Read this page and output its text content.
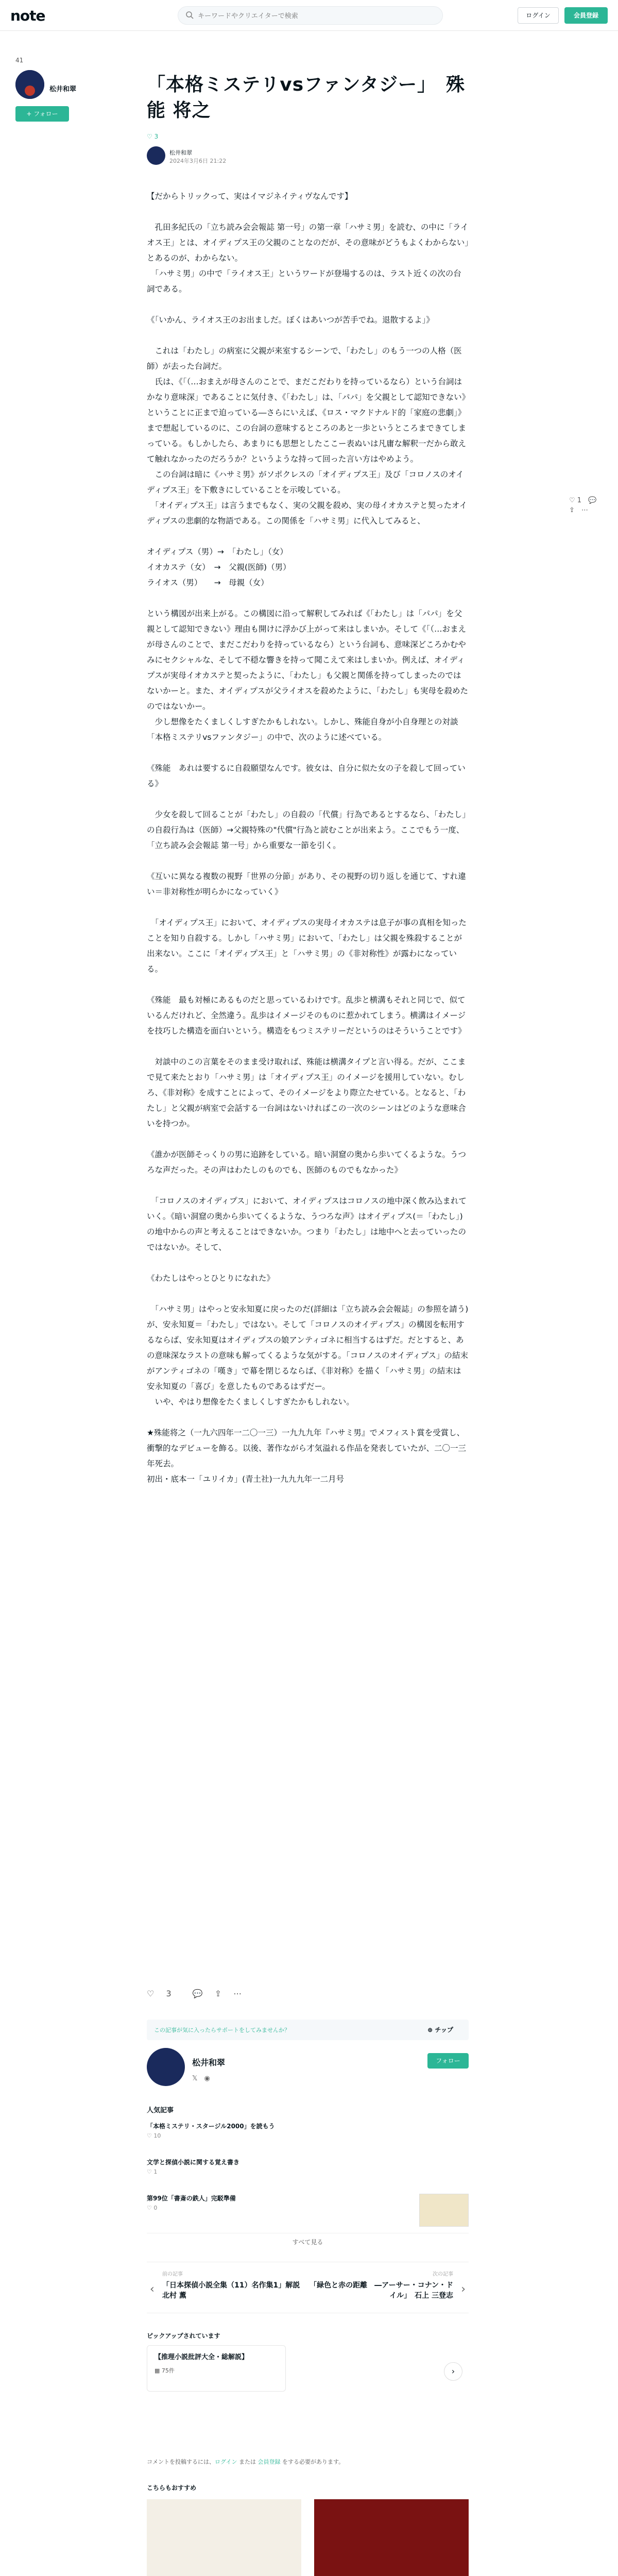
note
キーワードやクリエイターで検索	ログイン	会員登録
41
松井和翠
+ フォロー
「本格ミステリvsファンタジー」　殊能 将之
♡ 3
松井和翠
2024年3月6日 21:22
【だからトリックって、実はイマジネイティヴなんです】
　孔田多紀氏の「立ち読み会会報誌 第一号」の第一章「ハサミ男」を読む、の中に「ライオス王」とは、オイディプス王の父親のことなのだが、その意味がどうもよくわからない」とあるのが、わからない。
　「ハサミ男」の中で「ライオス王」というワードが登場するのは、ラスト近くの次の台詞である。
《「いかん、ライオス王のお出ましだ。ぼくはあいつが苦手でね。退散するよ」》
　これは「わたし」の病室に父親が来室するシーンで、「わたし」のもう一つの人格（医師）が去った台詞だ。
　氏は、《「（…おまえが母さんのことで、まだこだわりを持っているなら）という台詞はかなり意味深」であることに気付き、《「わたし」は、「パパ」を父親として認知できない》ということに正まで迫っている―さらにいえば、《ロス・マクドナルド的「家庭の悲劇」》まで想起しているのに、この台詞の意味するところのあと一歩というところまできてしまっている。もしかしたら、あまりにも思想としたここー表ぬいは凡庸な解釈一だから敢えて触れなかったのだろうか？というような持って回った言い方はやめよう。
　この台詞は暗に《ハサミ男》がソポクレスの「オイディプス王」及び「コロノスのオイディプス王」を下敷きにしていることを示唆している。
　「オイディプス王」は言うまでもなく、実の父親を殺め、実の母イオカステと契ったオイディプスの悲劇的な物語である。この関係を「ハサミ男」に代入してみると、
オイディプス（男）→　「わたし」（女）
イオカステ（女）　→　父親(医師)（男）
ライオス（男）　　→　母親（女）
という構図が出来上がる。この構図に沿って解釈してみれば《「わたし」は「パパ」を父親として認知できない》理由も開けに浮かび上がって来はしまいか。そして《「（…おまえが母さんのことで、まだこだわりを持っているなら）という台詞も、意味深どころかむやみにセクシャルな、そして不穏な響きを持って聞こえて来はしまいか。例えば、オイディプスが実母イオカステと契ったように、「わたし」も父親と関係を持ってしまったのではないかーと。また、オイディプスが父ライオスを殺めたように、「わたし」も実母を殺めたのではないかー。
　少し想像をたくましくしすぎたかもしれない。しかし、殊能自身が小自身理との対談「本格ミステリvsファンタジー」の中で、次のように述べている。
《殊能　あれは要するに自殺願望なんです。彼女は、自分に似た女の子を殺して回っている》
　少女を殺して回ることが「わたし」の自殺の「代償」行為であるとするなら、「わたし」の自殺行為は（医師）→父親特殊の"代償"行為と読むことが出来よう。ここでもう一度、「立ち読み会会報誌 第一号」から重要な一節を引く。
《互いに異なる複数の視野「世界の分節」があり、その視野の切り返しを通じて、すれ違い＝非対称性が明らかになっていく》
　「オイディプス王」において、オイディプスの実母イオカステは息子が事の真相を知ったことを知り自殺する。しかし「ハサミ男」において、「わたし」は父親を殊殺することが出来ない。ここに「オイディプス王」と「ハサミ男」の《非対称性》が露わになっている。
《殊能　最も対極にあるものだと思っているわけです。乱歩と横溝もそれと同じで、似ているんだけれど、全然違う。乱歩はイメージそのものに惹かれてしまう。横溝はイメージを技巧した構造を面白いという。構造をもつミステリーだというのはそういうことです》
　対談中のこの言葉をそのまま受け取れば、殊能は横溝タイプと言い得る。だが、ここまで見て来たとおり「ハサミ男」は「オイディプス王」のイメージを援用していない。むしろ、《非対称》を成すことによって、そのイメージをより際立たせている。となると、「わたし」と父親が病室で会話する一台詞はないければこの一次のシーンはどのような意味合いを持つか。
《誰かが医師そっくりの男に追跡をしている。暗い洞窟の奥から歩いてくるような。うつろな声だった。その声はわたしのものでも、医師のものでもなかった》
　「コロノスのオイディプス」において、オイディプスはコロノスの地中深く飲み込まれていく。《暗い洞窟の奥から歩いてくるような、うつろな声》はオイディプス(＝「わたし」)の地中からの声と考えることはできないか。つまり「わたし」は地中へと去っていったのではないか。そして、
《わたしはやっとひとりになれた》
　「ハサミ男」はやっと安永知夏に戻ったのだ(詳細は「立ち読み会会報誌」の参照を請う)が、安永知夏＝「わたし」ではない。そして「コロノスのオイディプス」の構図を転用するならば、安永知夏はオイディプスの娘アンティゴネに相当するはずだ。だとすると、あの意味深なラストの意味も解ってくるような気がする。「コロノスのオイディプス」の結末がアンティゴネの「嘆き」で幕を閉じるならば、《非対称》を描く「ハサミ男」の結末は安永知夏の「喜び」を意したものであるはずだー。
　いや、やはり想像をたくましくしすぎたかもしれない。
★殊能将之（一九六四年一二〇一三）一九九九年『ハサミ男』でメフィスト賞を受賞し、衝撃的なデビューを飾る。以後、著作ながら才気溢れる作品を発表していたが、二〇一三年死去。
初出・底本一「ユリイカ」(青土社)一九九九年一二月号
♡ 1 💬 ⇪ ⋯
♡ 3	💬 ⇪ ⋯
この記事が気に入ったらサポートをしてみませんか？	⊕ チップ
松井和翠
𝕏　 ◉
フォロー
人気記事
「本格ミステリ・スタージル2000」を読もう
♡ 10
文学と探偵小説に関する覚え書き
♡ 1
第99位「書斎の鉄人」完駁準備
♡ 0
すべて見る
‹
前の記事
「日本探偵小説全集（11）名作集1」解説　北村 薫
次の記事
「緑色と赤の距離　―アーサー・コナン・ドイル」　石上 三登志 ›
ピックアップされています
【推理小説批評大全・総解説】
▦ 75件	›
コメントを投稿するには、ログイン または 会員登録 をする必要があります。
こちらもおすすめ
